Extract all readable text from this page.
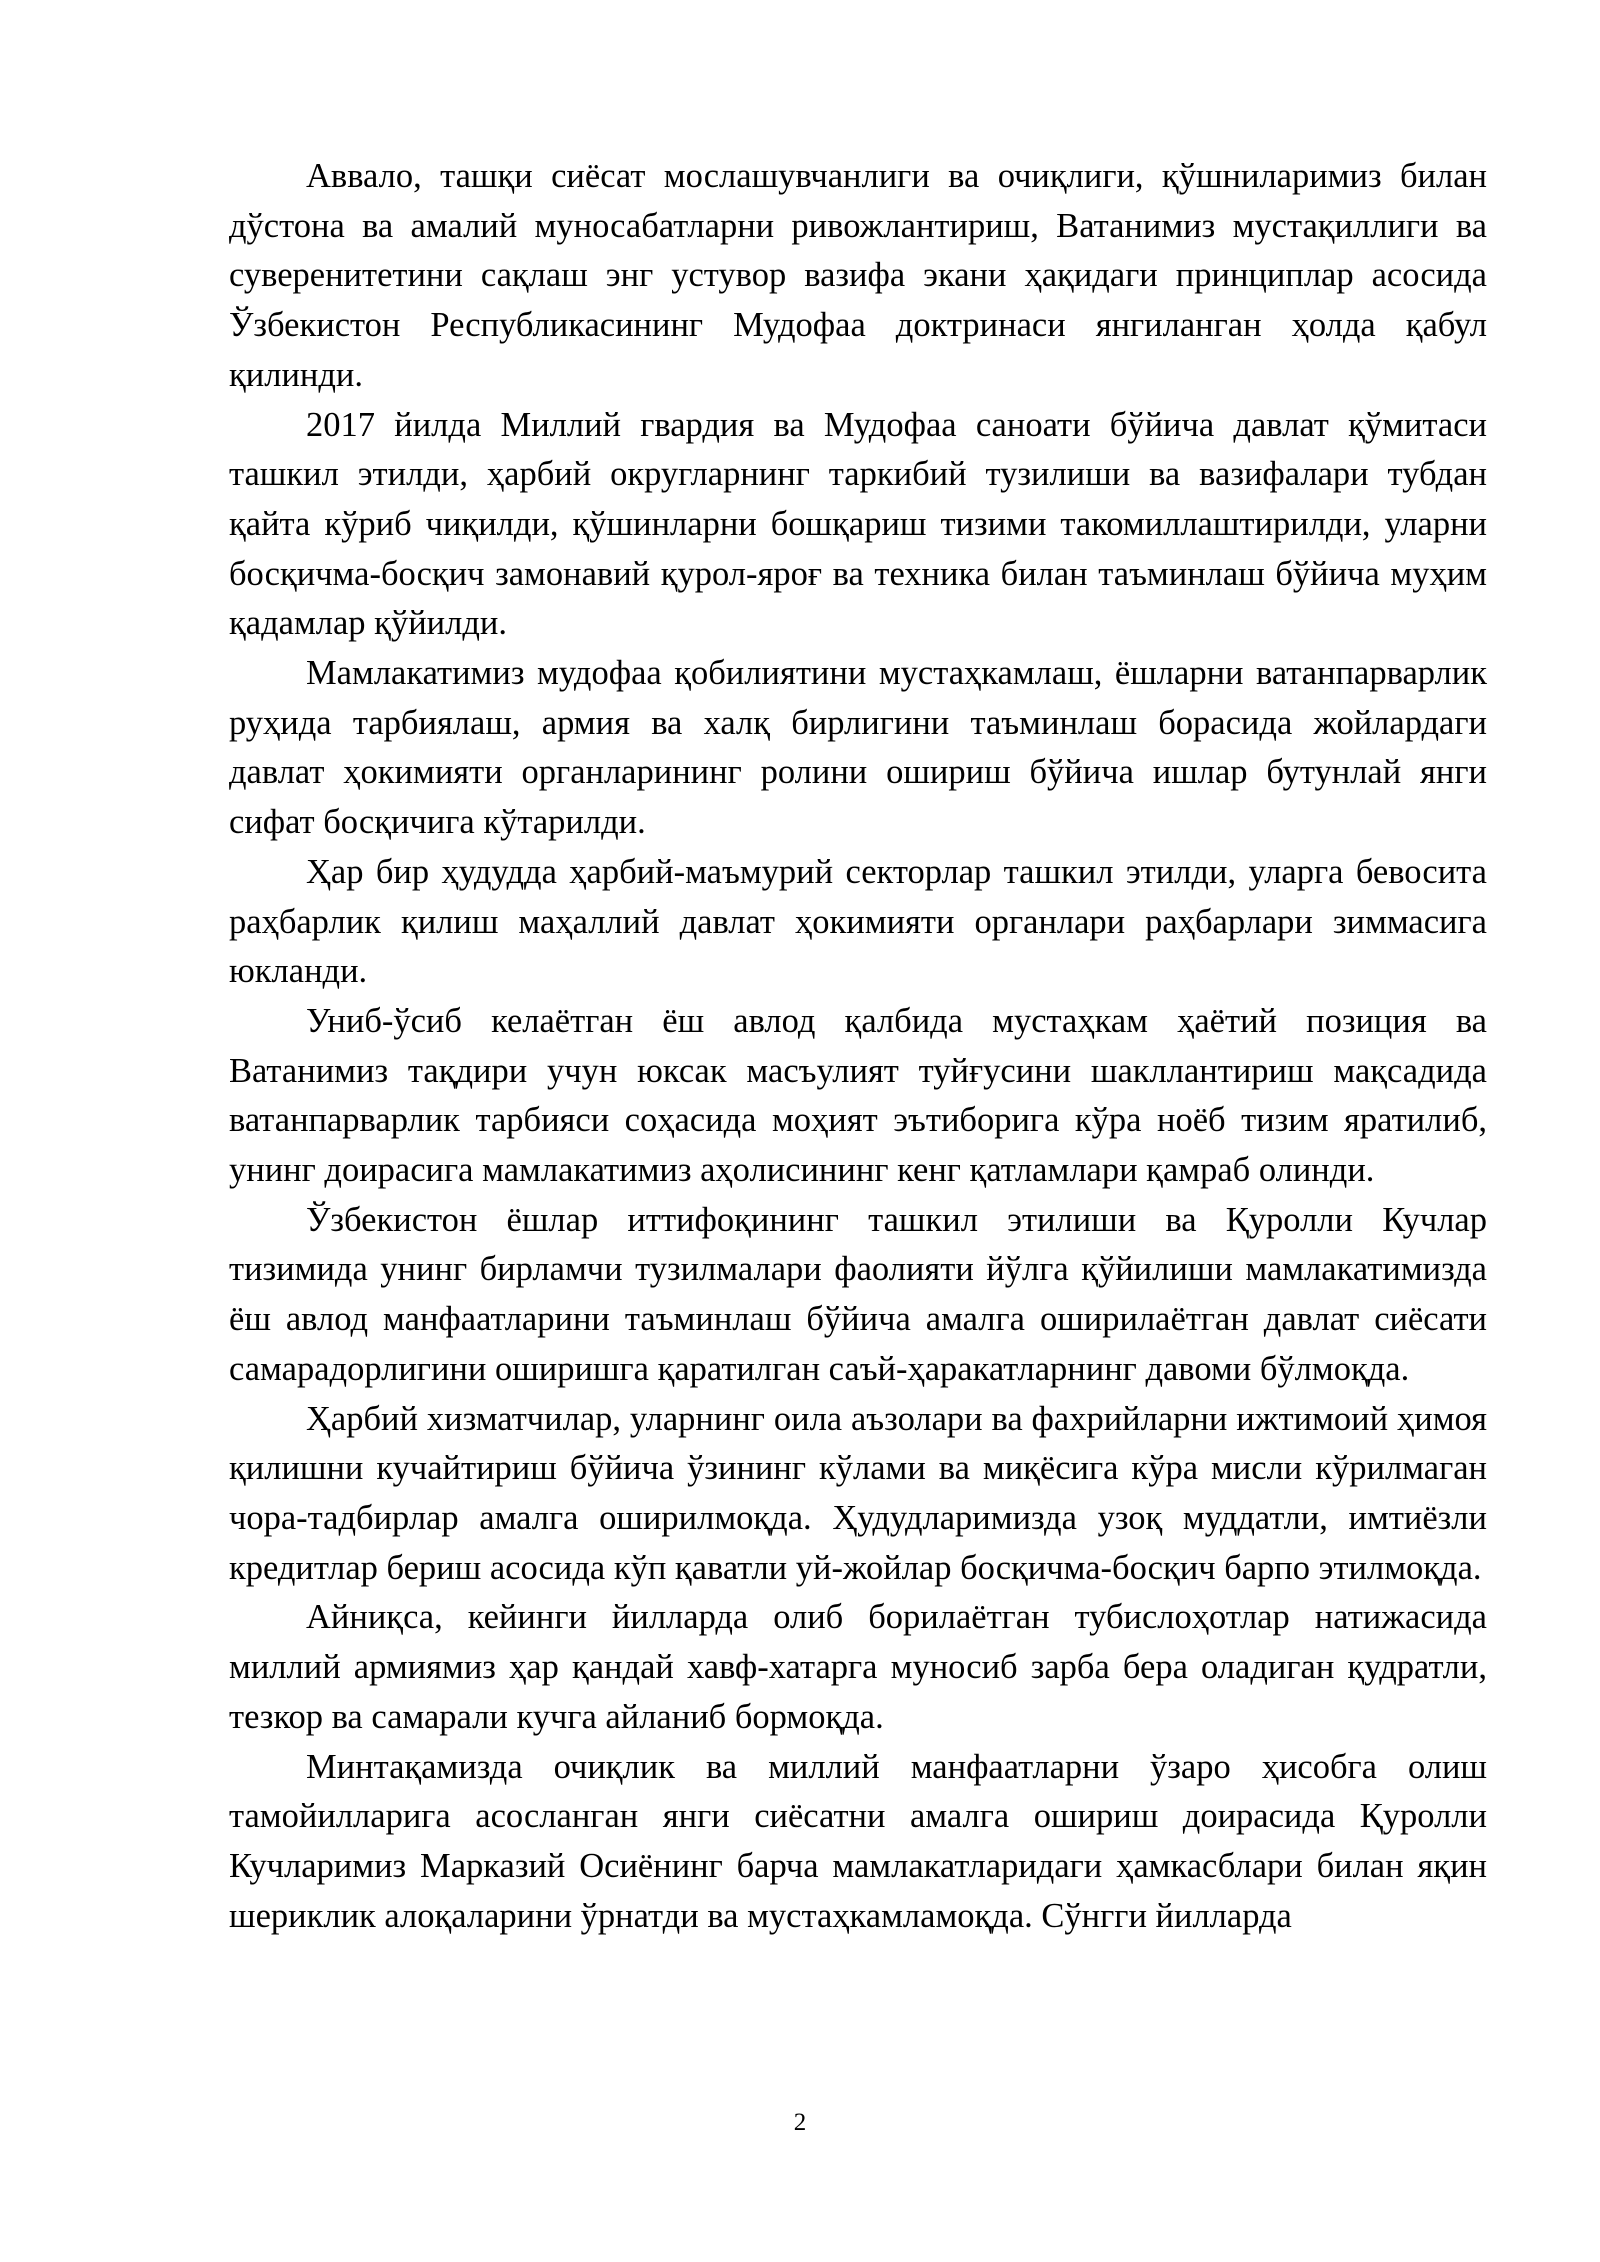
Аввало, ташқи сиёсат мослашувчанлиги ва очиқлиги, қўшниларимиз билан дўстона ва амалий муносабатларни ривожлантириш, Ватанимиз мустақиллиги ва суверенитетини сақлаш энг устувор вазифа экани ҳақидаги принциплар асосида Ўзбекистон Республикасининг Мудофаа доктринаси янгиланган ҳолда қабул қилинди.

2017 йилда Миллий гвардия ва Мудофаа саноати бўйича давлат қўмитаси ташкил этилди, ҳарбий округларнинг таркибий тузилиши ва вазифалари тубдан қайта кўриб чиқилди, қўшинларни бошқариш тизими такомиллаштирилди, уларни босқичма-босқич замонавий қурол-яроғ ва техника билан таъминлаш бўйича муҳим қадамлар қўйилди.

Мамлакатимиз мудофаа қобилиятини мустаҳкамлаш, ёшларни ватанпарварлик руҳида тарбиялаш, армия ва халқ бирлигини таъминлаш борасида жойлардаги давлат ҳокимияти органларининг ролини ошириш бўйича ишлар бутунлай янги сифат босқичига кўтарилди.

Ҳар бир ҳудудда ҳарбий-маъмурий секторлар ташкил этилди, уларга бевосита раҳбарлик қилиш маҳаллий давлат ҳокимияти органлари раҳбарлари зиммасига юкланди.

Униб-ўсиб келаётган ёш авлод қалбида мустаҳкам ҳаётий позиция ва Ватанимиз тақдири учун юксак масъулият туйғусини шакллантириш мақсадида ватанпарварлик тарбияси соҳасида моҳият эътиборига кўра ноёб тизим яратилиб, унинг доирасига мамлакатимиз аҳолисининг кенг қатламлари қамраб олинди.

Ўзбекистон ёшлар иттифоқининг ташкил этилиши ва Қуролли Кучлар тизимида унинг бирламчи тузилмалари фаолияти йўлга қўйилиши мамлакатимизда ёш авлод манфаатларини таъминлаш бўйича амалга оширилаётган давлат сиёсати самарадорлигини оширишга қаратилган саъй-ҳаракатларнинг давоми бўлмоқда.

Ҳарбий хизматчилар, уларнинг оила аъзолари ва фахрийларни ижтимоий ҳимоя қилишни кучайтириш бўйича ўзининг кўлами ва миқёсига кўра мисли кўрилмаган чора-тадбирлар амалга оширилмоқда. Ҳудудларимизда узоқ муддатли, имтиёзли кредитлар бериш асосида кўп қаватли уй-жойлар босқичма-босқич барпо этилмоқда.

Айниқса, кейинги йилларда олиб борилаётган тубислоҳотлар натижасида миллий армиямиз ҳар қандай хавф-хатарга муносиб зарба бера оладиган қудратли, тезкор ва самарали кучга айланиб бормоқда.

Минтақамизда очиқлик ва миллий манфаатларни ўзаро ҳисобга олиш тамойилларига асосланган янги сиёсатни амалга ошириш доирасида Қуролли Кучларимиз Марказий Осиёнинг барча мамлакатларидаги ҳамкасблари билан яқин шериклик алоқаларини ўрнатди ва мустаҳкамламоқда. Сўнгги йилларда

2
